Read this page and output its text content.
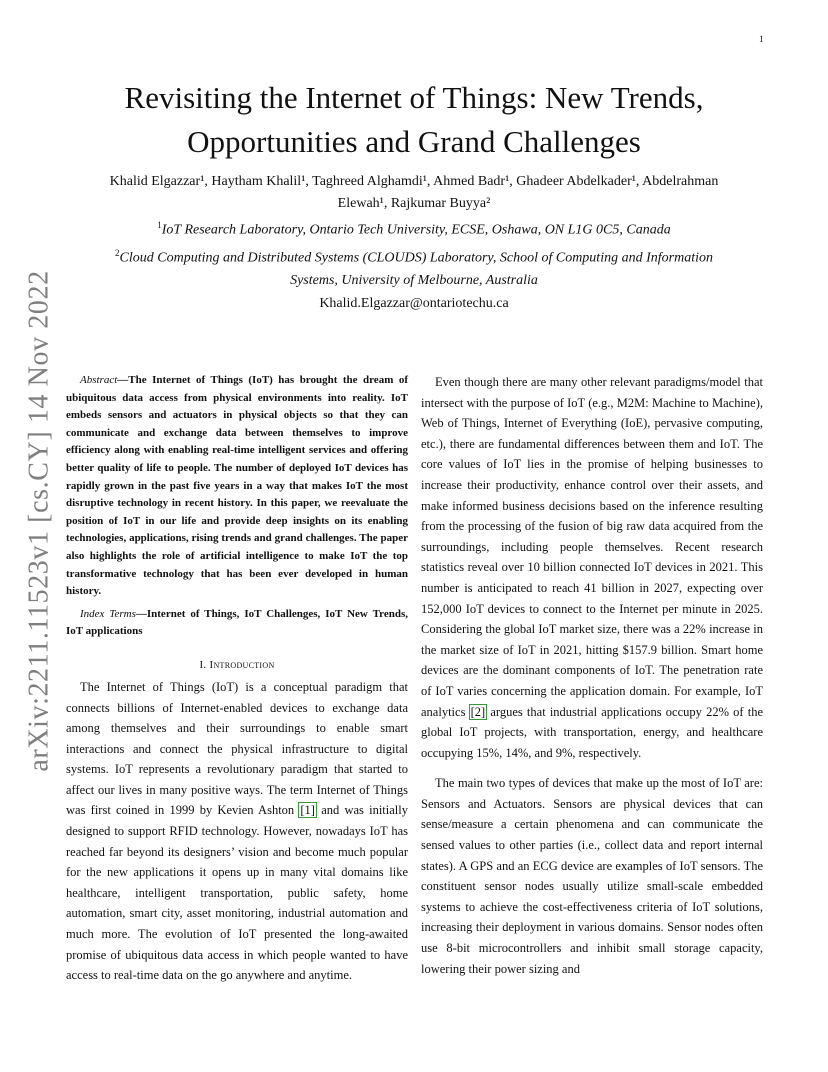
1
arXiv:2211.11523v1 [cs.CY] 14 Nov 2022
Revisiting the Internet of Things: New Trends,
Opportunities and Grand Challenges
Khalid Elgazzar¹, Haytham Khalil¹, Taghreed Alghamdi¹, Ahmed Badr¹, Ghadeer Abdelkader¹, Abdelrahman
Elewah¹, Rajkumar Buyya²
$^1$IoT Research Laboratory, Ontario Tech University, ECSE, Oshawa, ON L1G 0C5, Canada
$^2$Cloud Computing and Distributed Systems (CLOUDS) Laboratory, School of Computing and Information
Systems, University of Melbourne, Australia
Khalid.Elgazzar@ontariotechu.ca

Abstract—The Internet of Things (IoT) has brought the dream of ubiquitous data access from physical environments into reality. IoT embeds sensors and actuators in physical objects so that they can communicate and exchange data between themselves to improve efficiency along with enabling real-time intelligent services and offering better quality of life to people. The number of deployed IoT devices has rapidly grown in the past five years in a way that makes IoT the most disruptive technology in recent history. In this paper, we reevaluate the position of IoT in our life and provide deep insights on its enabling technologies, applications, rising trends and grand challenges. The paper also highlights the role of artificial intelligence to make IoT the top transformative technology that has been ever developed in human history.

Index Terms—Internet of Things, IoT Challenges, IoT New Trends, IoT applications

I. Introduction

The Internet of Things (IoT) is a conceptual paradigm that connects billions of Internet-enabled devices to exchange data among themselves and their surroundings to enable smart interactions and connect the physical infrastructure to digital systems. IoT represents a revolutionary paradigm that started to affect our lives in many positive ways. The term Internet of Things was first coined in 1999 by Kevien Ashton [1] and was initially designed to support RFID technology. However, nowadays IoT has reached far beyond its designers’ vision and become much popular for the new applications it opens up in many vital domains like healthcare, intelligent transportation, public safety, home automation, smart city, asset monitoring, industrial automation and much more. The evolution of IoT presented the long-awaited promise of ubiquitous data access in which people wanted to have access to real-time data on the go anywhere and anytime.

Even though there are many other relevant paradigms/model that intersect with the purpose of IoT (e.g., M2M: Machine to Machine), Web of Things, Internet of Everything (IoE), pervasive computing, etc.), there are fundamental differences between them and IoT. The core values of IoT lies in the promise of helping businesses to increase their productivity, enhance control over their assets, and make informed business decisions based on the inference resulting from the processing of the fusion of big raw data acquired from the surroundings, including people themselves. Recent research statistics reveal over 10 billion connected IoT devices in 2021. This number is anticipated to reach 41 billion in 2027, expecting over 152,000 IoT devices to connect to the Internet per minute in 2025. Considering the global IoT market size, there was a 22% increase in the market size of IoT in 2021, hitting $157.9 billion. Smart home devices are the dominant components of IoT. The penetration rate of IoT varies concerning the application domain. For example, IoT analytics [2] argues that industrial applications occupy 22% of the global IoT projects, with transportation, energy, and healthcare occupying 15%, 14%, and 9%, respectively.

The main two types of devices that make up the most of IoT are: Sensors and Actuators. Sensors are physical devices that can sense/measure a certain phenomena and can communicate the sensed values to other parties (i.e., collect data and report internal states). A GPS and an ECG device are examples of IoT sensors. The constituent sensor nodes usually utilize small-scale embedded systems to achieve the cost-effectiveness criteria of IoT solutions, increasing their deployment in various domains. Sensor nodes often use 8-bit microcontrollers and inhibit small storage capacity, lowering their power sizing and
